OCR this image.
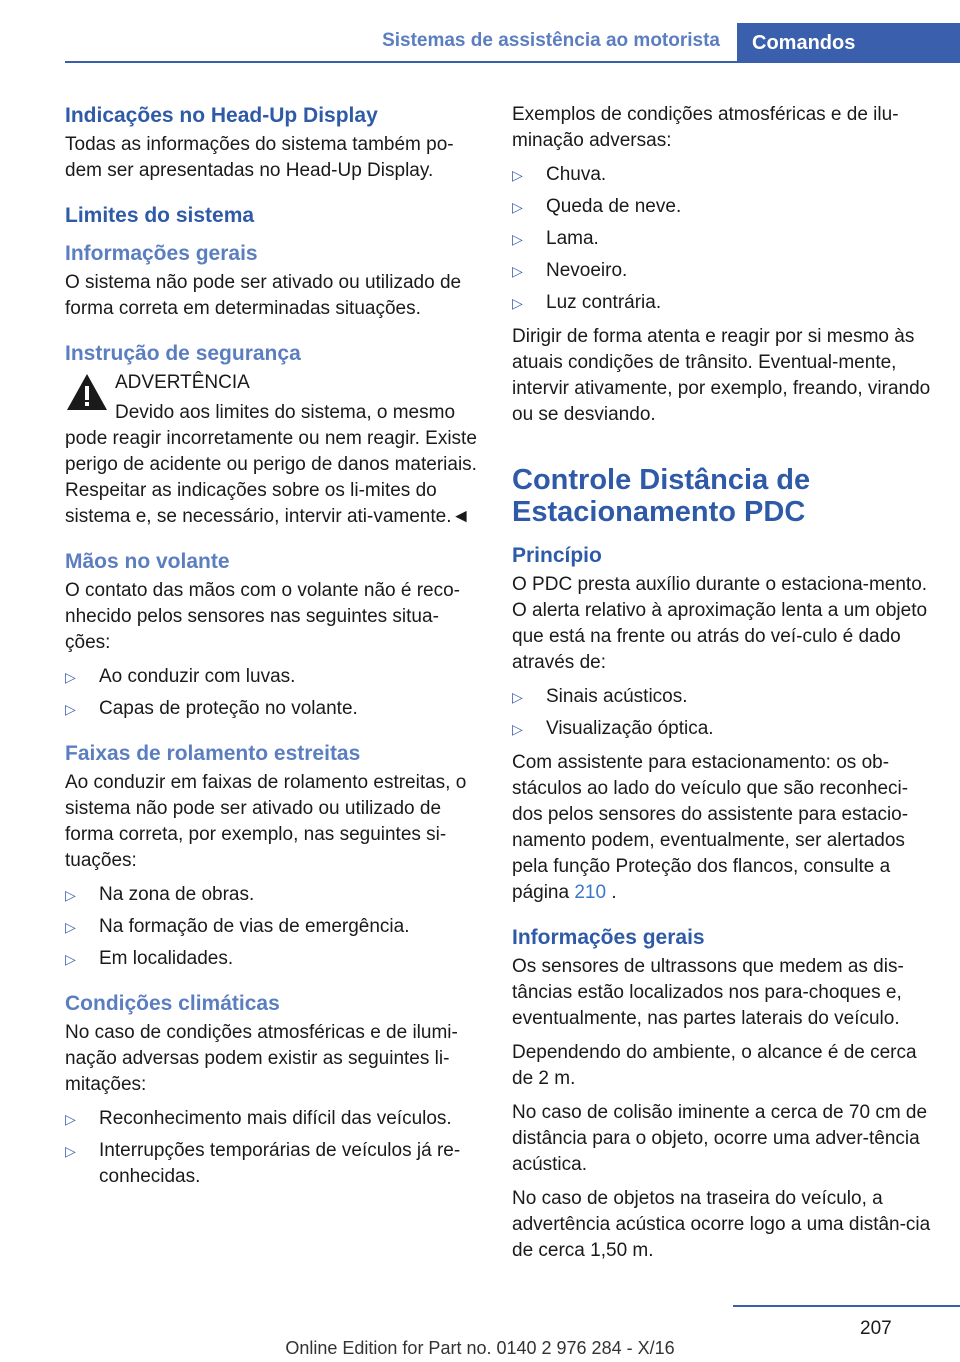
Sistemas de assistência ao motorista	Comandos
Indicações no Head-Up Display

Todas as informações do sistema também po-dem ser apresentadas no Head-Up Display.

Limites do sistema
Informações gerais

O sistema não pode ser ativado ou utilizado de forma correta em determinadas situações.

Instrução de segurança
ADVERTÊNCIA

Devido aos limites do sistema, o mesmo pode reagir incorretamente ou nem reagir. Existe perigo de acidente ou perigo de danos materiais. Respeitar as indicações sobre os li-mites do sistema e, se necessário, intervir ati-vamente.◄

Mãos no volante

O contato das mãos com o volante não é reco-nhecido pelos sensores nas seguintes situa-ções:

▷ Ao conduzir com luvas.
▷ Capas de proteção no volante.
Faixas de rolamento estreitas

Ao conduzir em faixas de rolamento estreitas, o sistema não pode ser ativado ou utilizado de forma correta, por exemplo, nas seguintes si-tuações:

▷ Na zona de obras.
▷ Na formação de vias de emergência.
▷ Em localidades.
Condições climáticas

No caso de condições atmosféricas e de ilumi-nação adversas podem existir as seguintes li-mitações:

▷ Reconhecimento mais difícil das veículos.
▷ Interrupções temporárias de veículos já re-conhecidas.

Exemplos de condições atmosféricas e de ilu-minação adversas:

▷ Chuva.
▷ Queda de neve.
▷ Lama.
▷ Nevoeiro.
▷ Luz contrária.

Dirigir de forma atenta e reagir por si mesmo às atuais condições de trânsito. Eventual-mente, intervir ativamente, por exemplo, freando, virando ou se desviando.

Controle Distância de Estacionamento PDC
Princípio

O PDC presta auxílio durante o estaciona-mento. O alerta relativo à aproximação lenta a um objeto que está na frente ou atrás do veí-culo é dado através de:

▷ Sinais acústicos.
▷ Visualização óptica.

Com assistente para estacionamento: os ob-stáculos ao lado do veículo que são reconheci-dos pelos sensores do assistente para estacio-namento podem, eventualmente, ser alertados pela função Proteção dos flancos, consulte a página 210 .

Informações gerais

Os sensores de ultrassons que medem as dis-tâncias estão localizados nos para-choques e, eventualmente, nas partes laterais do veículo.

Dependendo do ambiente, o alcance é de cerca de 2 m.

No caso de colisão iminente a cerca de 70 cm de distância para o objeto, ocorre uma adver-tência acústica.

No caso de objetos na traseira do veículo, a advertência acústica ocorre logo a uma distân-cia de cerca 1,50 m.

207
Online Edition for Part no. 0140 2 976 284 - X/16
